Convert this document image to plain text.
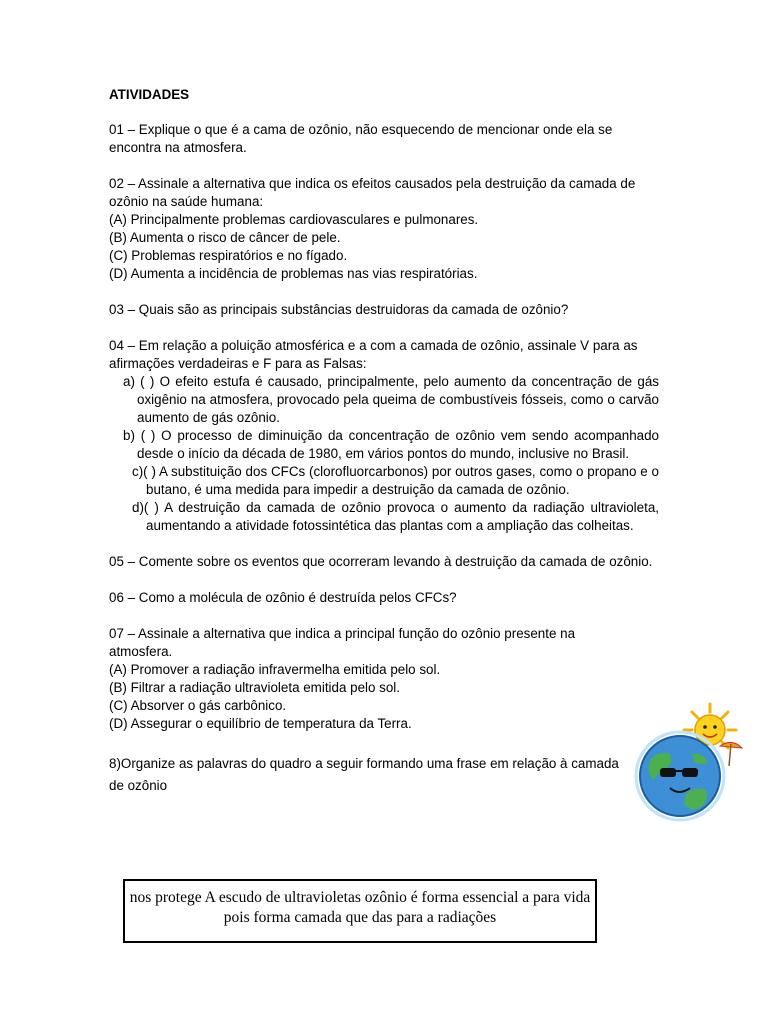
ATIVIDADES

01 – Explique o que é a cama de ozônio, não esquecendo de mencionar onde ela se encontra na atmosfera.

02 – Assinale a alternativa que indica os efeitos causados pela destruição da camada de ozônio na saúde humana:

(A) Principalmente problemas cardiovasculares e pulmonares.

(B) Aumenta o risco de câncer de pele.

(C) Problemas respiratórios e no fígado.

(D) Aumenta a incidência de problemas nas vias respiratórias.

03 – Quais são as principais substâncias destruidoras da camada de ozônio?

04 – Em relação a poluição atmosférica e a com a camada de ozônio, assinale V para as afirmações verdadeiras e F para as Falsas:

a) ( ) O efeito estufa é causado, principalmente, pelo aumento da concentração de gás oxigênio na atmosfera, provocado pela queima de combustíveis fósseis, como o carvão aumento de gás ozônio.

b) ( ) O processo de diminuição da concentração de ozônio vem sendo acompanhado desde o início da década de 1980, em vários pontos do mundo, inclusive no Brasil.

c)( ) A substituição dos CFCs (clorofluorcarbonos) por outros gases, como o propano e o butano, é uma medida para impedir a destruição da camada de ozônio.

d)( ) A destruição da camada de ozônio provoca o aumento da radiação ultravioleta, aumentando a atividade fotossintética das plantas com a ampliação das colheitas.

05 – Comente sobre os eventos que ocorreram levando à destruição da camada de ozônio.

06 – Como a molécula de ozônio é destruída pelos CFCs?

07 – Assinale a alternativa que indica a principal função do ozônio presente na atmosfera.

(A) Promover a radiação infravermelha emitida pelo sol.

(B) Filtrar a radiação ultravioleta emitida pelo sol.

(C) Absorver o gás carbônico.

(D) Assegurar o equilíbrio de temperatura da Terra.

8)Organize as palavras do quadro a seguir formando uma frase em relação à camada

de ozônio

nos protege A escudo de ultravioletas ozônio é forma essencial a para vida
pois forma camada que das para a radiações
